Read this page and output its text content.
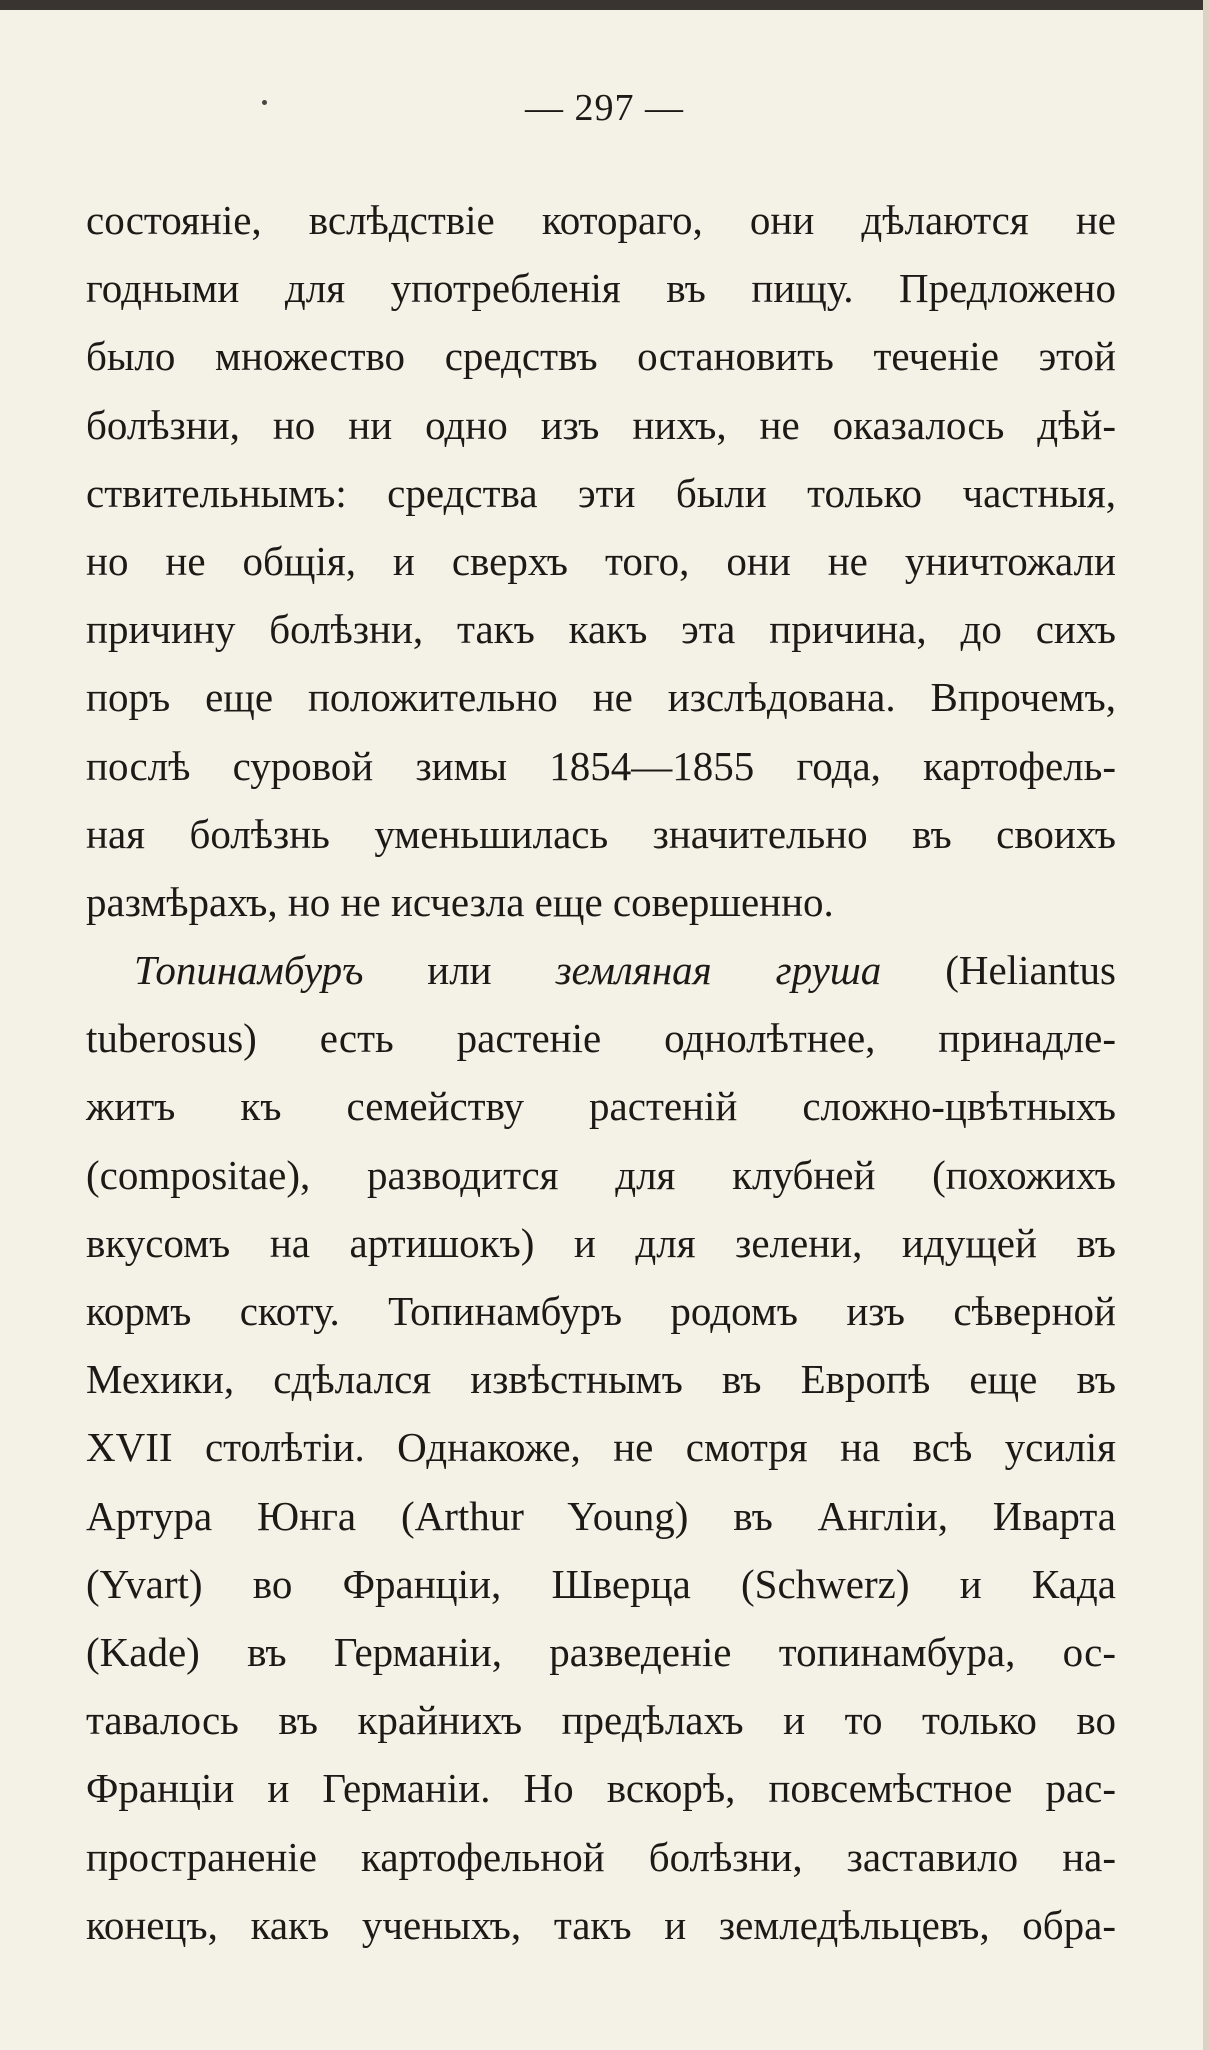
— 297 —
состояніе, вслѣдствіе котораго, они дѣлаются не
годными для употребленія въ пищу. Предложено
было множество средствъ остановить теченіе этой
болѣзни, но ни одно изъ нихъ, не оказалось дѣй-
ствительнымъ: средства эти были только частныя,
но не общія, и сверхъ того, они не уничтожали
причину болѣзни, такъ какъ эта причина, до сихъ
поръ еще положительно не изслѣдована. Впрочемъ,
послѣ суровой зимы 1854—1855 года, картофель-
ная болѣзнь уменьшилась значительно въ своихъ
размѣрахъ, но не исчезла еще совершенно.
Топинамбуръ или земляная груша (Heliantus
tuberosus) есть растеніе однолѣтнее, принадле-
житъ къ семейству растеній сложно-цвѣтныхъ
(compositae), разводится для клубней (похожихъ
вкусомъ на артишокъ) и для зелени, идущей въ
кормъ скоту. Топинамбуръ родомъ изъ сѣверной
Мехики, сдѣлался извѣстнымъ въ Европѣ еще въ
XVII столѣтіи. Однакоже, не смотря на всѣ усилія
Артура Юнга (Arthur Young) въ Англіи, Иварта
(Yvart) во Франціи, Шверца (Schwerz) и Када
(Kade) въ Германіи, разведеніе топинамбура, ос-
тавалось въ крайнихъ предѣлахъ и то только во
Франціи и Германіи. Но вскорѣ, повсемѣстное рас-
пространеніе картофельной болѣзни, заставило на-
конецъ, какъ ученыхъ, такъ и земледѣльцевъ, обра-
